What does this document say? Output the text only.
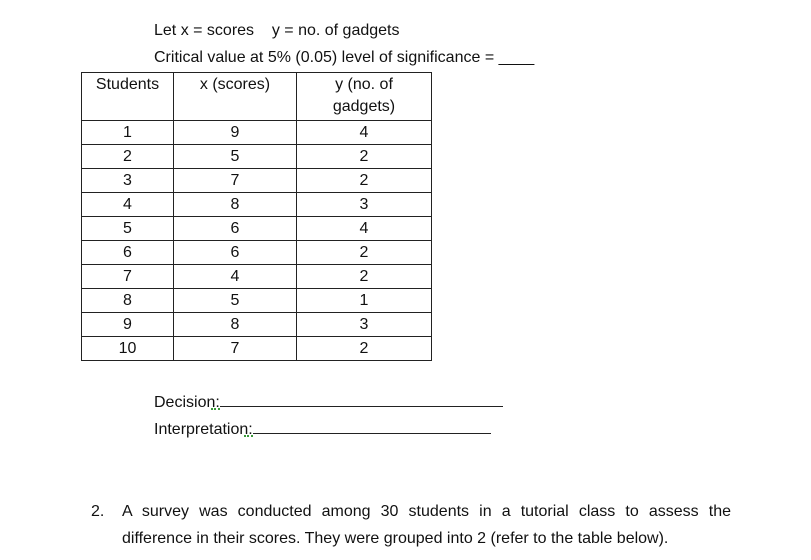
Let x = scores y = no. of gadgets
Critical value at 5% (0.05) level of significance = ____
Students	x (scores)	y (no. of gadgets)
1	9	4
2	5	2
3	7	2
4	8	3
5	6	4
6	6	2
7	4	2
8	5	1
9	8	3
10	7	2
Decision:
Interpretation:
2. A survey was conducted among 30 students in a tutorial class to assess the difference in their scores. They were grouped into 2 (refer to the table below).
